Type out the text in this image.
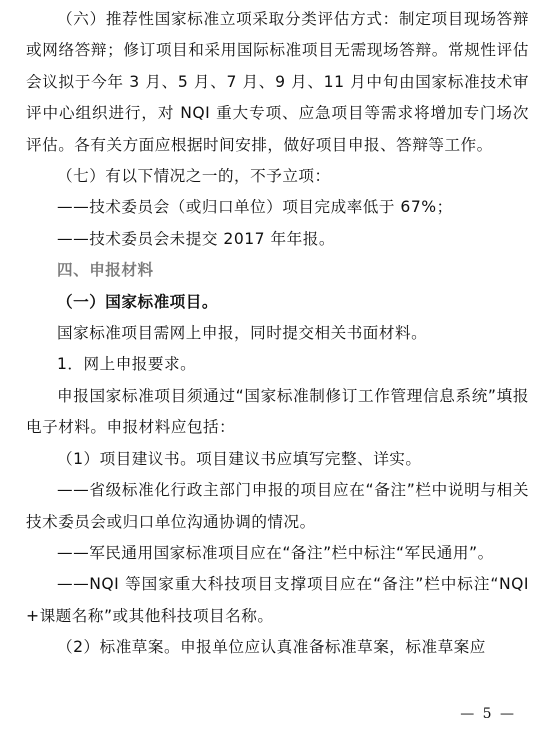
（六）推荐性国家标准立项采取分类评估方式：制定项目现场答辩或网络答辩；修订项目和采用国际标准项目无需现场答辩。常规性评估会议拟于今年 3 月、5 月、7 月、9 月、11 月中旬由国家标准技术审评中心组织进行，对 NQI 重大专项、应急项目等需求将增加专门场次评估。各有关方面应根据时间安排，做好项目申报、答辩等工作。

（七）有以下情况之一的，不予立项：

——技术委员会（或归口单位）项目完成率低于 67%；

——技术委员会未提交 2017 年年报。

四、申报材料

（一）国家标准项目。

国家标准项目需网上申报，同时提交相关书面材料。

1．网上申报要求。

申报国家标准项目须通过“国家标准制修订工作管理信息系统”填报电子材料。申报材料应包括：

（1）项目建议书。项目建议书应填写完整、详实。

——省级标准化行政主部门申报的项目应在“备注”栏中说明与相关技术委员会或归口单位沟通协调的情况。

——军民通用国家标准项目应在“备注”栏中标注“军民通用”。

——NQI 等国家重大科技项目支撑项目应在“备注”栏中标注“NQI+课题名称”或其他科技项目名称。

（2）标准草案。申报单位应认真准备标准草案，标准草案应

— 5 —
